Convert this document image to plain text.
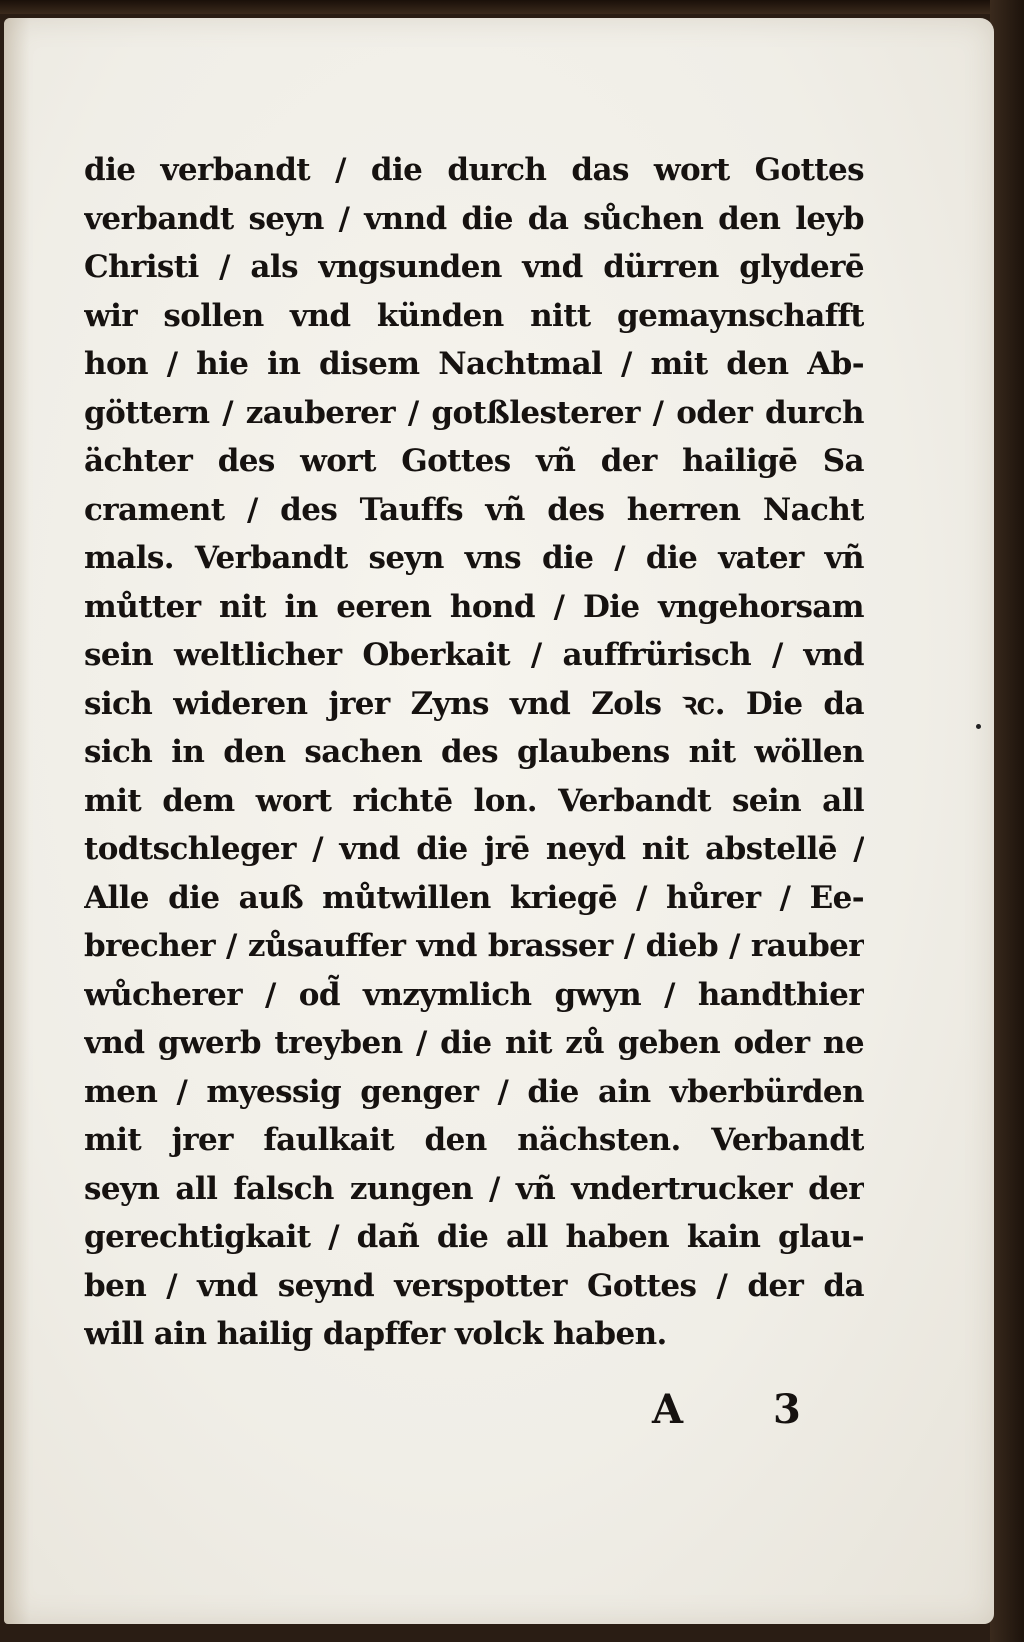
die verbandt / die durch das wort Gottes
verbandt seyn / vnnd die da sůchen den leyb
Christi / als vngsunden vnd dürren glyderē
wir sollen vnd künden nitt gemaynschafft
hon / hie in disem Nachtmal / mit den Ab-
göttern / zauberer / gotßlesterer / oder durch
ächter des wort Gottes vñ der hailigē Sa
crament / des Tauffs vñ des herren Nacht
mals. Verbandt seyn vns die / die vater vñ
můtter nit in eeren hond / Die vngehorsam
sein weltlicher Oberkait / auffrürisch / vnd
sich wideren jrer Zyns vnd Zols ꝛc. Die da
sich in den sachen des glaubens nit wöllen
mit dem wort richtē lon. Verbandt sein all
todtschleger / vnd die jrē neyd nit abstellē /
Alle die auß můtwillen kriegē / hůrer / Ee-
brecher / zůsauffer vnd brasser / dieb / rauber
wůcherer / od̃ vnzymlich gwyn / handthier
vnd gwerb treyben / die nit zů geben oder ne
men / myessig genger / die ain vberbürden
mit jrer faulkait den nächsten. Verbandt
seyn all falsch zungen / vñ vndertrucker der
gerechtigkait / dañ die all haben kain glau-
ben / vnd seynd verspotter Gottes / der da
will ain hailig dapffer volck haben.
A 3
